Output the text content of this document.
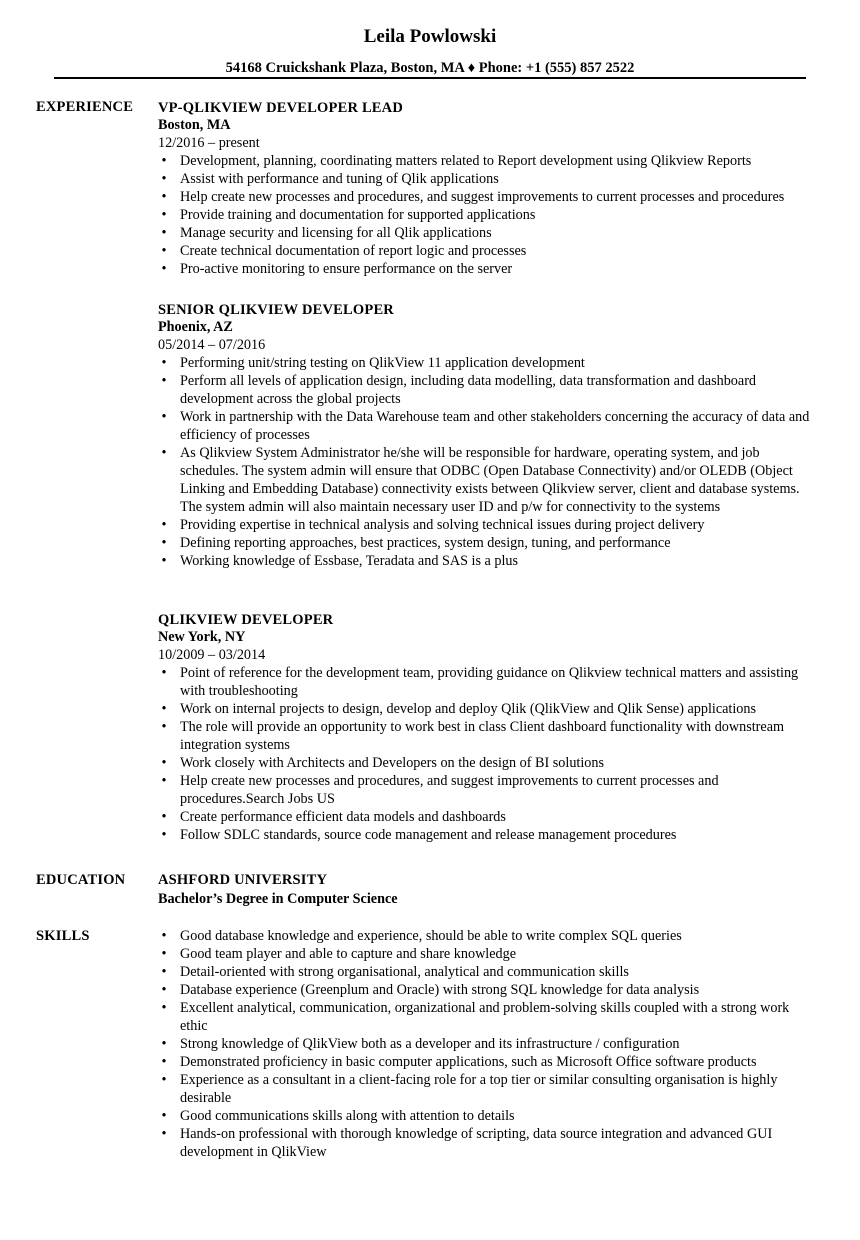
Leila Powlowski
54168 Cruickshank Plaza, Boston, MA ♦ Phone: +1 (555) 857 2522
EXPERIENCE VP-QLIKVIEW DEVELOPER LEAD
Boston, MA
12/2016 – present
• Development, planning, coordinating matters related to Report development using Qlikview Reports
• Assist with performance and tuning of Qlik applications
• Help create new processes and procedures, and suggest improvements to current processes and procedures
• Provide training and documentation for supported applications
• Manage security and licensing for all Qlik applications
• Create technical documentation of report logic and processes
• Pro-active monitoring to ensure performance on the server
SENIOR QLIKVIEW DEVELOPER
Phoenix, AZ
05/2014 – 07/2016
• Performing unit/string testing on QlikView 11 application development
• Perform all levels of application design, including data modelling, data transformation and dashboard development across the global projects
• Work in partnership with the Data Warehouse team and other stakeholders concerning the accuracy of data and efficiency of processes
• As Qlikview System Administrator he/she will be responsible for hardware, operating system, and job schedules. The system admin will ensure that ODBC (Open Database Connectivity) and/or OLEDB (Object Linking and Embedding Database) connectivity exists between Qlikview server, client and database systems. The system admin will also maintain necessary user ID and p/w for connectivity to the systems
• Providing expertise in technical analysis and solving technical issues during project delivery
• Defining reporting approaches, best practices, system design, tuning, and performance
• Working knowledge of Essbase, Teradata and SAS is a plus
QLIKVIEW DEVELOPER
New York, NY
10/2009 – 03/2014
• Point of reference for the development team, providing guidance on Qlikview technical matters and assisting with troubleshooting
• Work on internal projects to design, develop and deploy Qlik (QlikView and Qlik Sense) applications
• The role will provide an opportunity to work best in class Client dashboard functionality with downstream integration systems
• Work closely with Architects and Developers on the design of BI solutions
• Help create new processes and procedures, and suggest improvements to current processes and procedures.Search Jobs US
• Create performance efficient data models and dashboards
• Follow SDLC standards, source code management and release management procedures
EDUCATION ASHFORD UNIVERSITY
Bachelor’s Degree in Computer Science
SKILLS	• Good database knowledge and experience, should be able to write complex SQL queries
• Good team player and able to capture and share knowledge
• Detail-oriented with strong organisational, analytical and communication skills
• Database experience (Greenplum and Oracle) with strong SQL knowledge for data analysis
• Excellent analytical, communication, organizational and problem-solving skills coupled with a strong work ethic
• Strong knowledge of QlikView both as a developer and its infrastructure / configuration
• Demonstrated proficiency in basic computer applications, such as Microsoft Office software products
• Experience as a consultant in a client-facing role for a top tier or similar consulting organisation is highly desirable
• Good communications skills along with attention to details
• Hands-on professional with thorough knowledge of scripting, data source integration and advanced GUI development in QlikView
